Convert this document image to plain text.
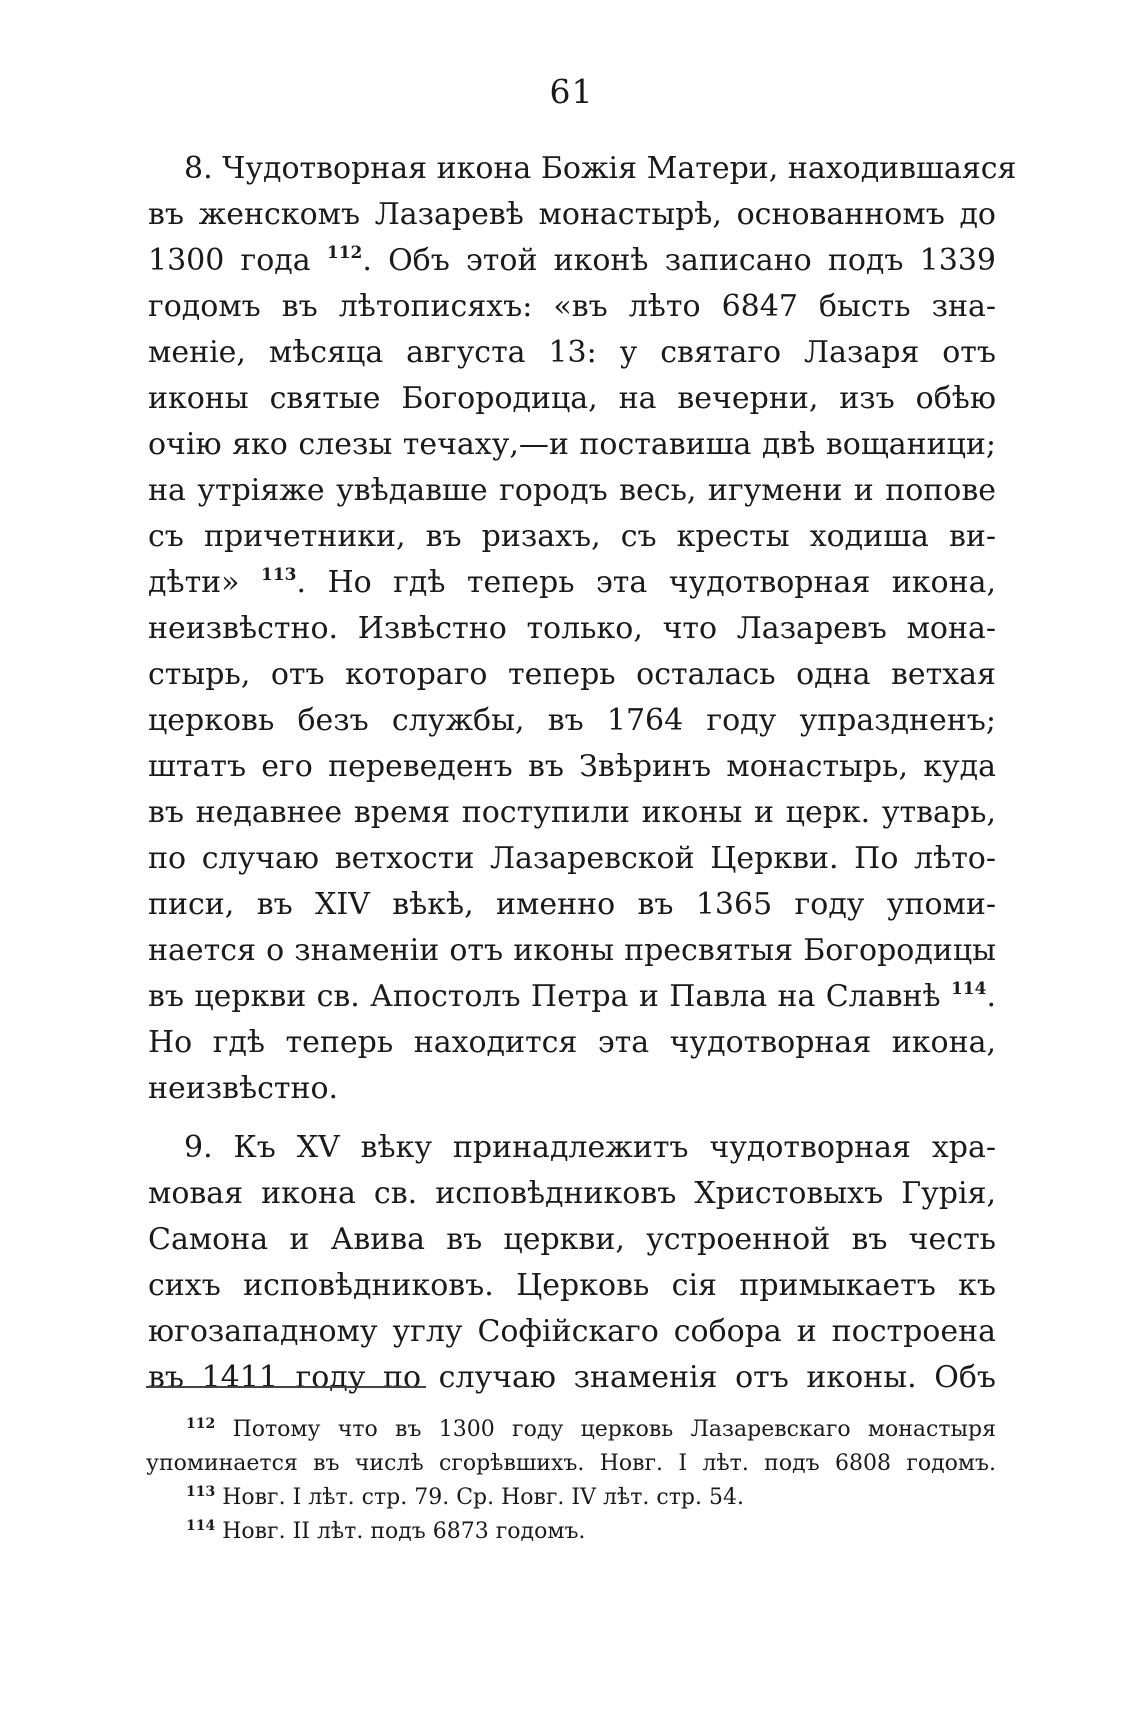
61
8. Чудотворная икона Божія Матери, находившаяся
въ женскомъ Лазаревѣ монастырѣ, основанномъ до
1300 года $^{112}$. Объ этой иконѣ записано подъ 1339
годомъ въ лѣтописяхъ: «въ лѣто 6847 бысть зна-
меніе, мѣсяца августа 13: у святаго Лазаря отъ
иконы святые Богородица, на вечерни, изъ обѣю
очію яко слезы течаху,—и поставиша двѣ вощаници;
на утріяже увѣдавше городъ весь, игумени и попове
съ причетники, въ ризахъ, съ кресты ходиша ви-
дѣти» $^{113}$. Но гдѣ теперь эта чудотворная икона,
неизвѣстно. Извѣстно только, что Лазаревъ мона-
стырь, отъ котораго теперь осталась одна ветхая
церковь безъ службы, въ 1764 году упраздненъ;
штатъ его переведенъ въ Звѣринъ монастырь, куда
въ недавнее время поступили иконы и церк. утварь,
по случаю ветхости Лазаревской Церкви. По лѣто-
писи, въ XIV вѣкѣ, именно въ 1365 году упоми-
нается о знаменіи отъ иконы пресвятыя Богородицы
въ церкви св. Апостолъ Петра и Павла на Славнѣ $^{114}$.
Но гдѣ теперь находится эта чудотворная икона,
неизвѣстно.
9. Къ XV вѣку принадлежитъ чудотворная хра-
мовая икона св. исповѣдниковъ Христовыхъ Гурія,
Самона и Авива въ церкви, устроенной въ честь
сихъ исповѣдниковъ. Церковь сія примыкаетъ къ
югозападному углу Софійскаго собора и построена
въ 1411 году по случаю знаменія отъ иконы. Объ
$^{112}$ Потому что въ 1300 году церковь Лазаревскаго монастыря
упоминается въ числѣ сгорѣвшихъ. Новг. I лѣт. подъ 6808 годомъ.
$^{113}$ Новг. I лѣт. стр. 79. Ср. Новг. IV лѣт. стр. 54.
$^{114}$ Новг. II лѣт. подъ 6873 годомъ.
